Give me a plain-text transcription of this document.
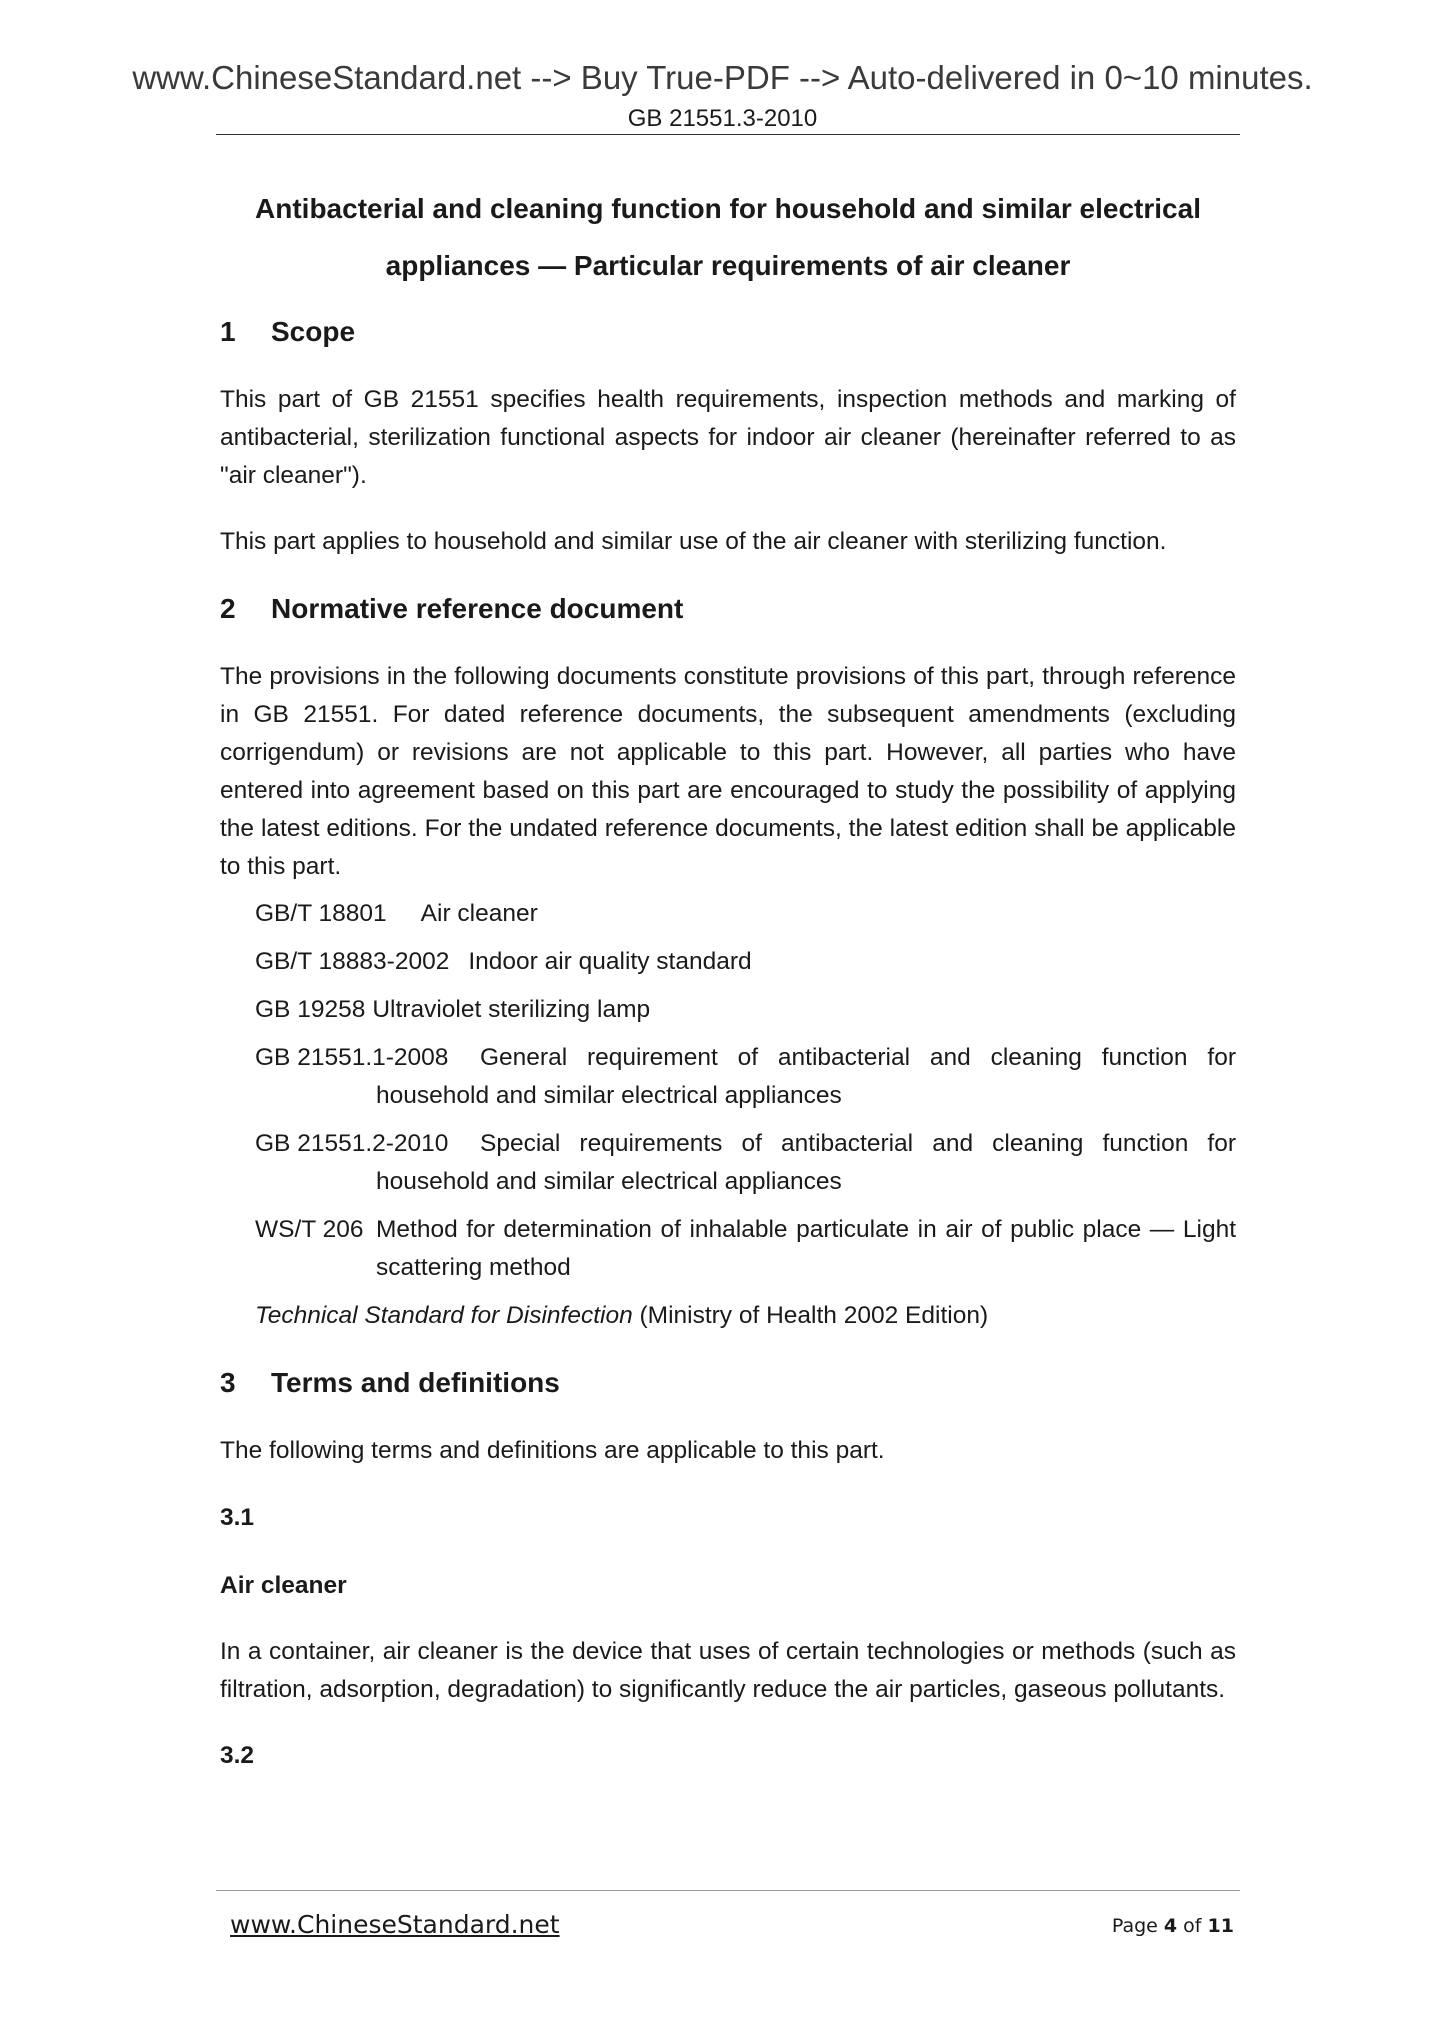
www.ChineseStandard.net --> Buy True-PDF --> Auto-delivered in 0~10 minutes.
GB 21551.3-2010
Antibacterial and cleaning function for household and similar electrical
appliances — Particular requirements of air cleaner
1 Scope

This part of GB 21551 specifies health requirements, inspection methods and marking of antibacterial, sterilization functional aspects for indoor air cleaner (hereinafter referred to as "air cleaner").

This part applies to household and similar use of the air cleaner with sterilizing function.

2 Normative reference document

The provisions in the following documents constitute provisions of this part, through reference in GB 21551. For dated reference documents, the subsequent amendments (excluding corrigendum) or revisions are not applicable to this part. However, all parties who have entered into agreement based on this part are encouraged to study the possibility of applying the latest editions. For the undated reference documents, the latest edition shall be applicable to this part.

GB/T 18801 Air cleaner
GB/T 18883-2002 Indoor air quality standard
GB 19258 Ultraviolet sterilizing lamp
GB 21551.1-2008	General requirement of antibacterial and cleaning function for household and similar electrical appliances
GB 21551.2-2010	Special requirements of antibacterial and cleaning function for household and similar electrical appliances
WS/T 206 Method for determination of inhalable particulate in air of public place — Light scattering method
Technical Standard for Disinfection (Ministry of Health 2002 Edition)
3 Terms and definitions

The following terms and definitions are applicable to this part.

3.1

Air cleaner

In a container, air cleaner is the device that uses of certain technologies or methods (such as filtration, adsorption, degradation) to significantly reduce the air particles, gaseous pollutants.

3.2

www.ChineseStandard.net	Page 4 of 11
